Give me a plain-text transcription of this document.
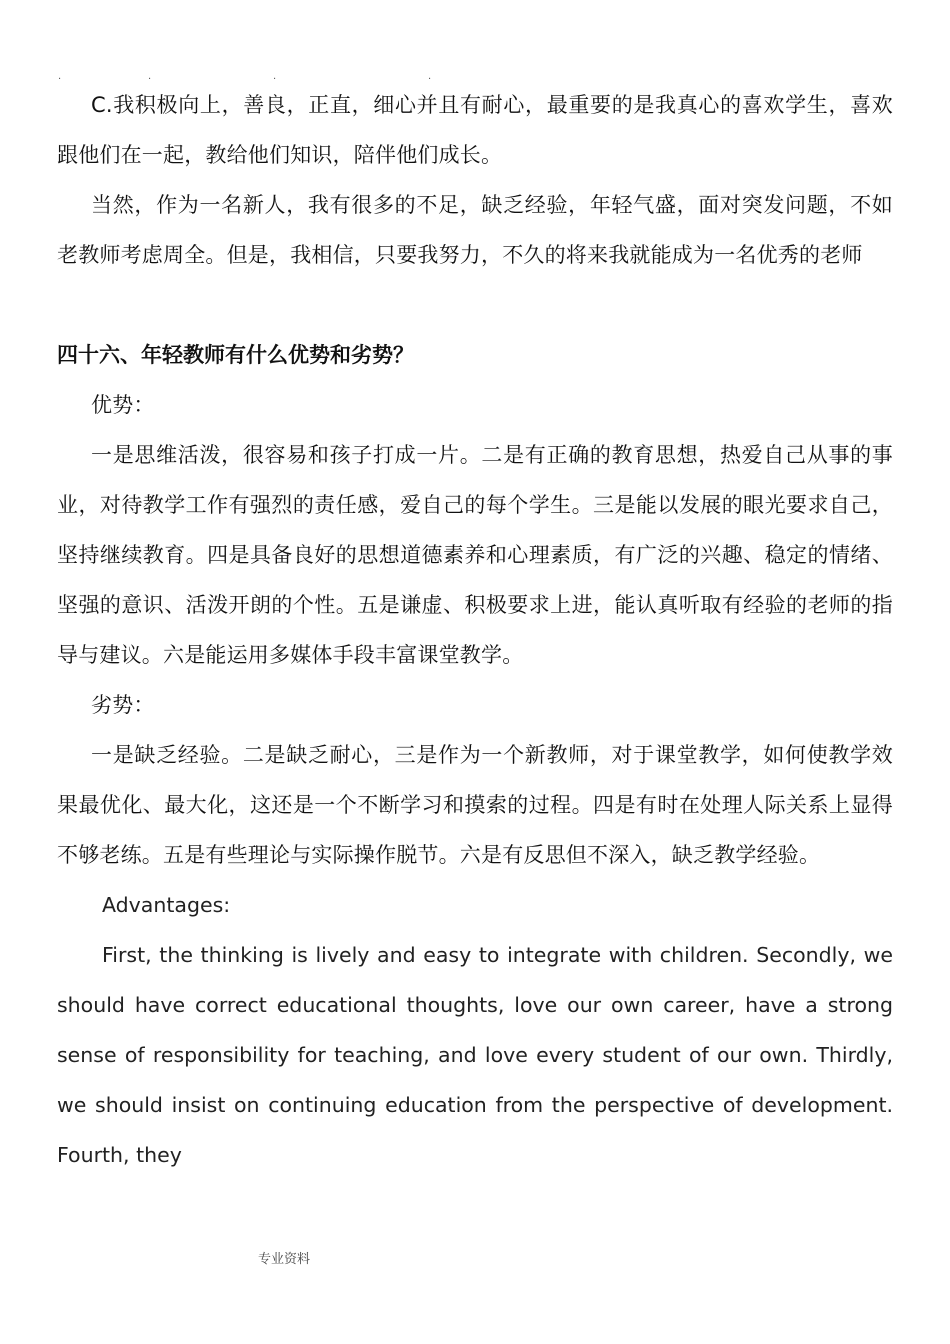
.	.	.	.

C.我积极向上，善良，正直，细心并且有耐心，最重要的是我真心的喜欢学生，喜欢跟他们在一起，教给他们知识，陪伴他们成长。

当然，作为一名新人，我有很多的不足，缺乏经验，年轻气盛，面对突发问题，不如老教师考虑周全。但是，我相信，只要我努力，不久的将来我就能成为一名优秀的老师

四十六、年轻教师有什么优势和劣势？

优势：

一是思维活泼，很容易和孩子打成一片。二是有正确的教育思想，热爱自己从事的事业，对待教学工作有强烈的责任感，爱自己的每个学生。三是能以发展的眼光要求自己，坚持继续教育。四是具备良好的思想道德素养和心理素质，有广泛的兴趣、稳定的情绪、坚强的意识、活泼开朗的个性。五是谦虚、积极要求上进，能认真听取有经验的老师的指导与建议。六是能运用多媒体手段丰富课堂教学。

劣势：

一是缺乏经验。二是缺乏耐心，三是作为一个新教师，对于课堂教学，如何使教学效果最优化、最大化，这还是一个不断学习和摸索的过程。四是有时在处理人际关系上显得不够老练。五是有些理论与实际操作脱节。六是有反思但不深入，缺乏教学经验。

Advantages:

First, the thinking is lively and easy to integrate with children. Secondly, we should have correct educational thoughts, love our own career, have a strong sense of responsibility for teaching, and love every student of our own. Thirdly, we should insist on continuing education from the perspective of development. Fourth, they

专业资料
